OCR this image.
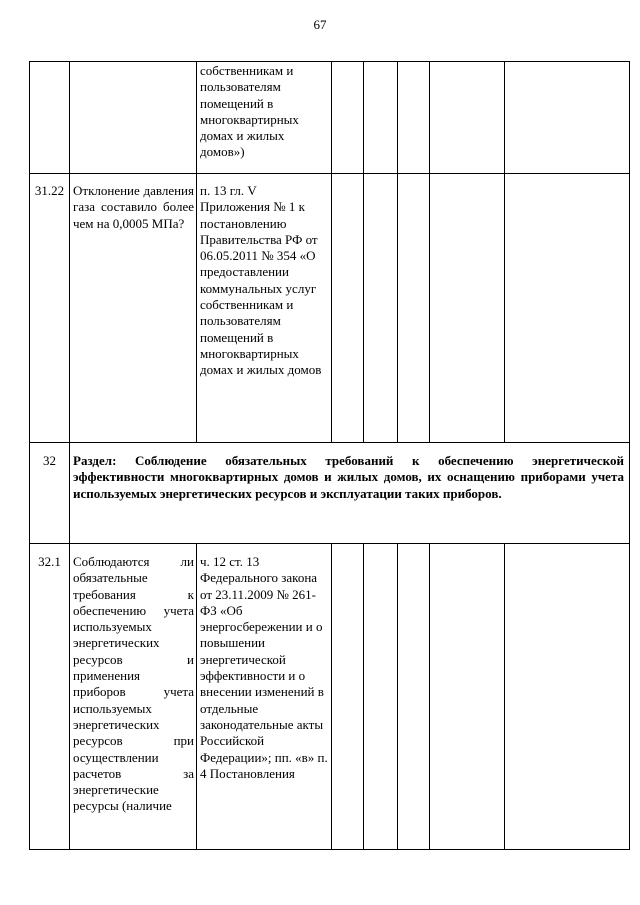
67
собственникам и пользователям помещений в многоквартирных домах и жилых домов»)
31.22 Отклонение давления газа составило более чем на 0,0005 МПа?
п. 13 гл. V Приложения № 1 к постановлению Правительства РФ от 06.05.2011 № 354 «О предоставлении коммунальных услуг собственникам и пользователям помещений в многоквартирных домах и жилых домов
32	Раздел: Соблюдение обязательных требований к обеспечению энергетической эффективности многоквартирных домов и жилых домов, их оснащению приборами учета используемых энергетических ресурсов и эксплуатации таких приборов.
32.1 Соблюдаются ли обязательные требования к обеспечению учета используемых энергетических ресурсов и применения приборов учета используемых энергетических ресурсов при осуществлении расчетов за энергетические ресурсы (наличие
ч. 12 ст. 13 Федерального закона от 23.11.2009 № 261-ФЗ «Об энергосбережении и о повышении энергетической эффективности и о внесении изменений в отдельные законодательные акты Российской Федерации»; пп. «в» п. 4 Постановления
